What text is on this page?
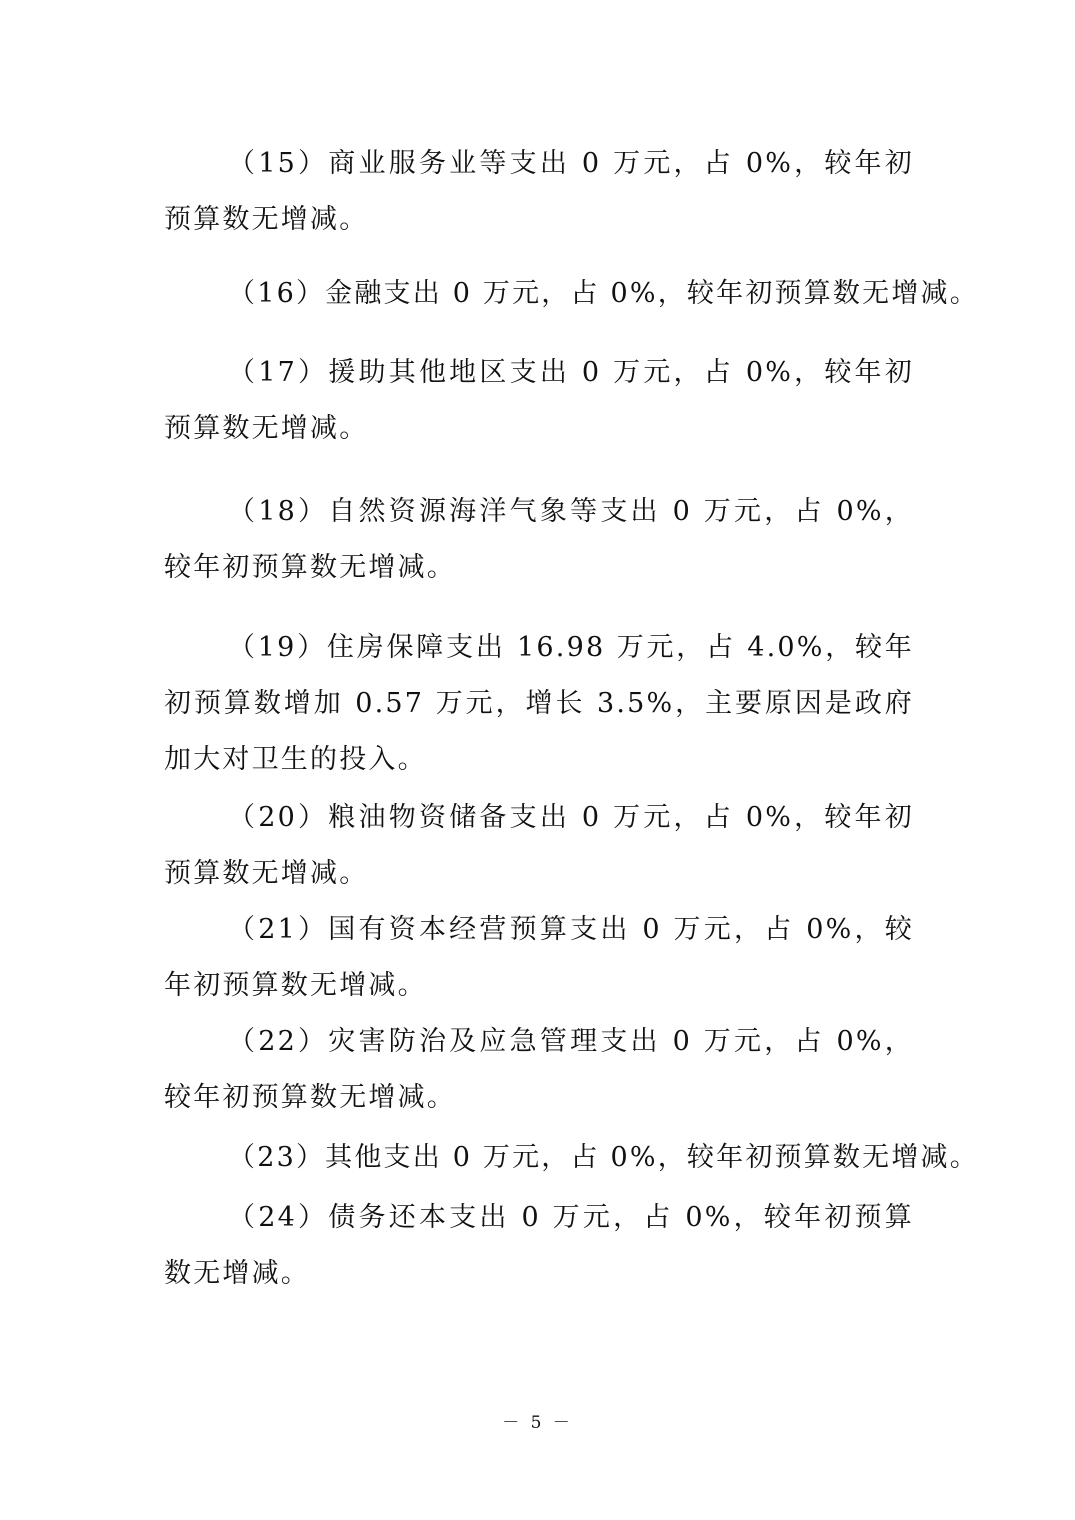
（15）商业服务业等支出 0 万元，占 0%，较年初预算数无增减。

（16）金融支出 0 万元，占 0%，较年初预算数无增减。

（17）援助其他地区支出 0 万元，占 0%，较年初预算数无增减。

（18）自然资源海洋气象等支出 0 万元，占 0%，较年初预算数无增减。

（19）住房保障支出 16.98 万元，占 4.0%，较年初预算数增加 0.57 万元，增长 3.5%，主要原因是政府加大对卫生的投入。

（20）粮油物资储备支出 0 万元，占 0%，较年初预算数无增减。

（21）国有资本经营预算支出 0 万元，占 0%，较年初预算数无增减。

（22）灾害防治及应急管理支出 0 万元，占 0%，较年初预算数无增减。

（23）其他支出 0 万元，占 0%，较年初预算数无增减。

（24）债务还本支出 0 万元，占 0%，较年初预算数无增减。

－ 5 －
